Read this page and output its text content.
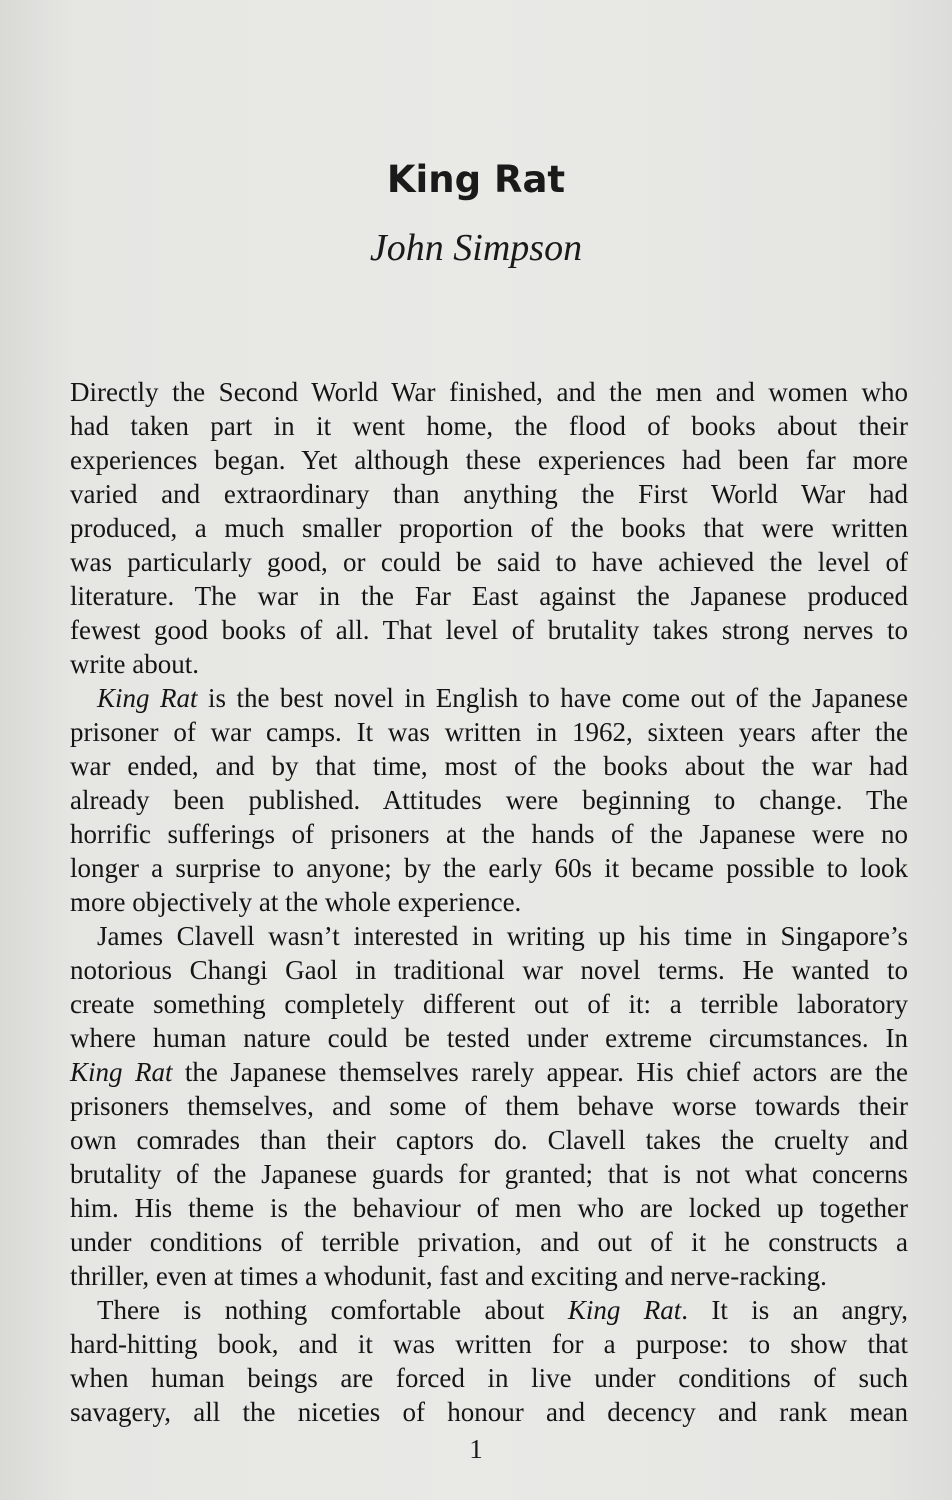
King Rat
John Simpson
Directly the Second World War finished, and the men and women who
had taken part in it went home, the flood of books about their
experiences began. Yet although these experiences had been far more
varied and extraordinary than anything the First World War had
produced, a much smaller proportion of the books that were written
was particularly good, or could be said to have achieved the level of
literature. The war in the Far East against the Japanese produced
fewest good books of all. That level of brutality takes strong nerves to
write about.
King Rat is the best novel in English to have come out of the Japanese
prisoner of war camps. It was written in 1962, sixteen years after the
war ended, and by that time, most of the books about the war had
already been published. Attitudes were beginning to change. The
horrific sufferings of prisoners at the hands of the Japanese were no
longer a surprise to anyone; by the early 60s it became possible to look
more objectively at the whole experience.
James Clavell wasn’t interested in writing up his time in Singapore’s
notorious Changi Gaol in traditional war novel terms. He wanted to
create something completely different out of it: a terrible laboratory
where human nature could be tested under extreme circumstances. In
King Rat the Japanese themselves rarely appear. His chief actors are the
prisoners themselves, and some of them behave worse towards their
own comrades than their captors do. Clavell takes the cruelty and
brutality of the Japanese guards for granted; that is not what concerns
him. His theme is the behaviour of men who are locked up together
under conditions of terrible privation, and out of it he constructs a
thriller, even at times a whodunit, fast and exciting and nerve-racking.
There is nothing comfortable about King Rat. It is an angry,
hard-hitting book, and it was written for a purpose: to show that
when human beings are forced in live under conditions of such
savagery, all the niceties of honour and decency and rank mean
1
